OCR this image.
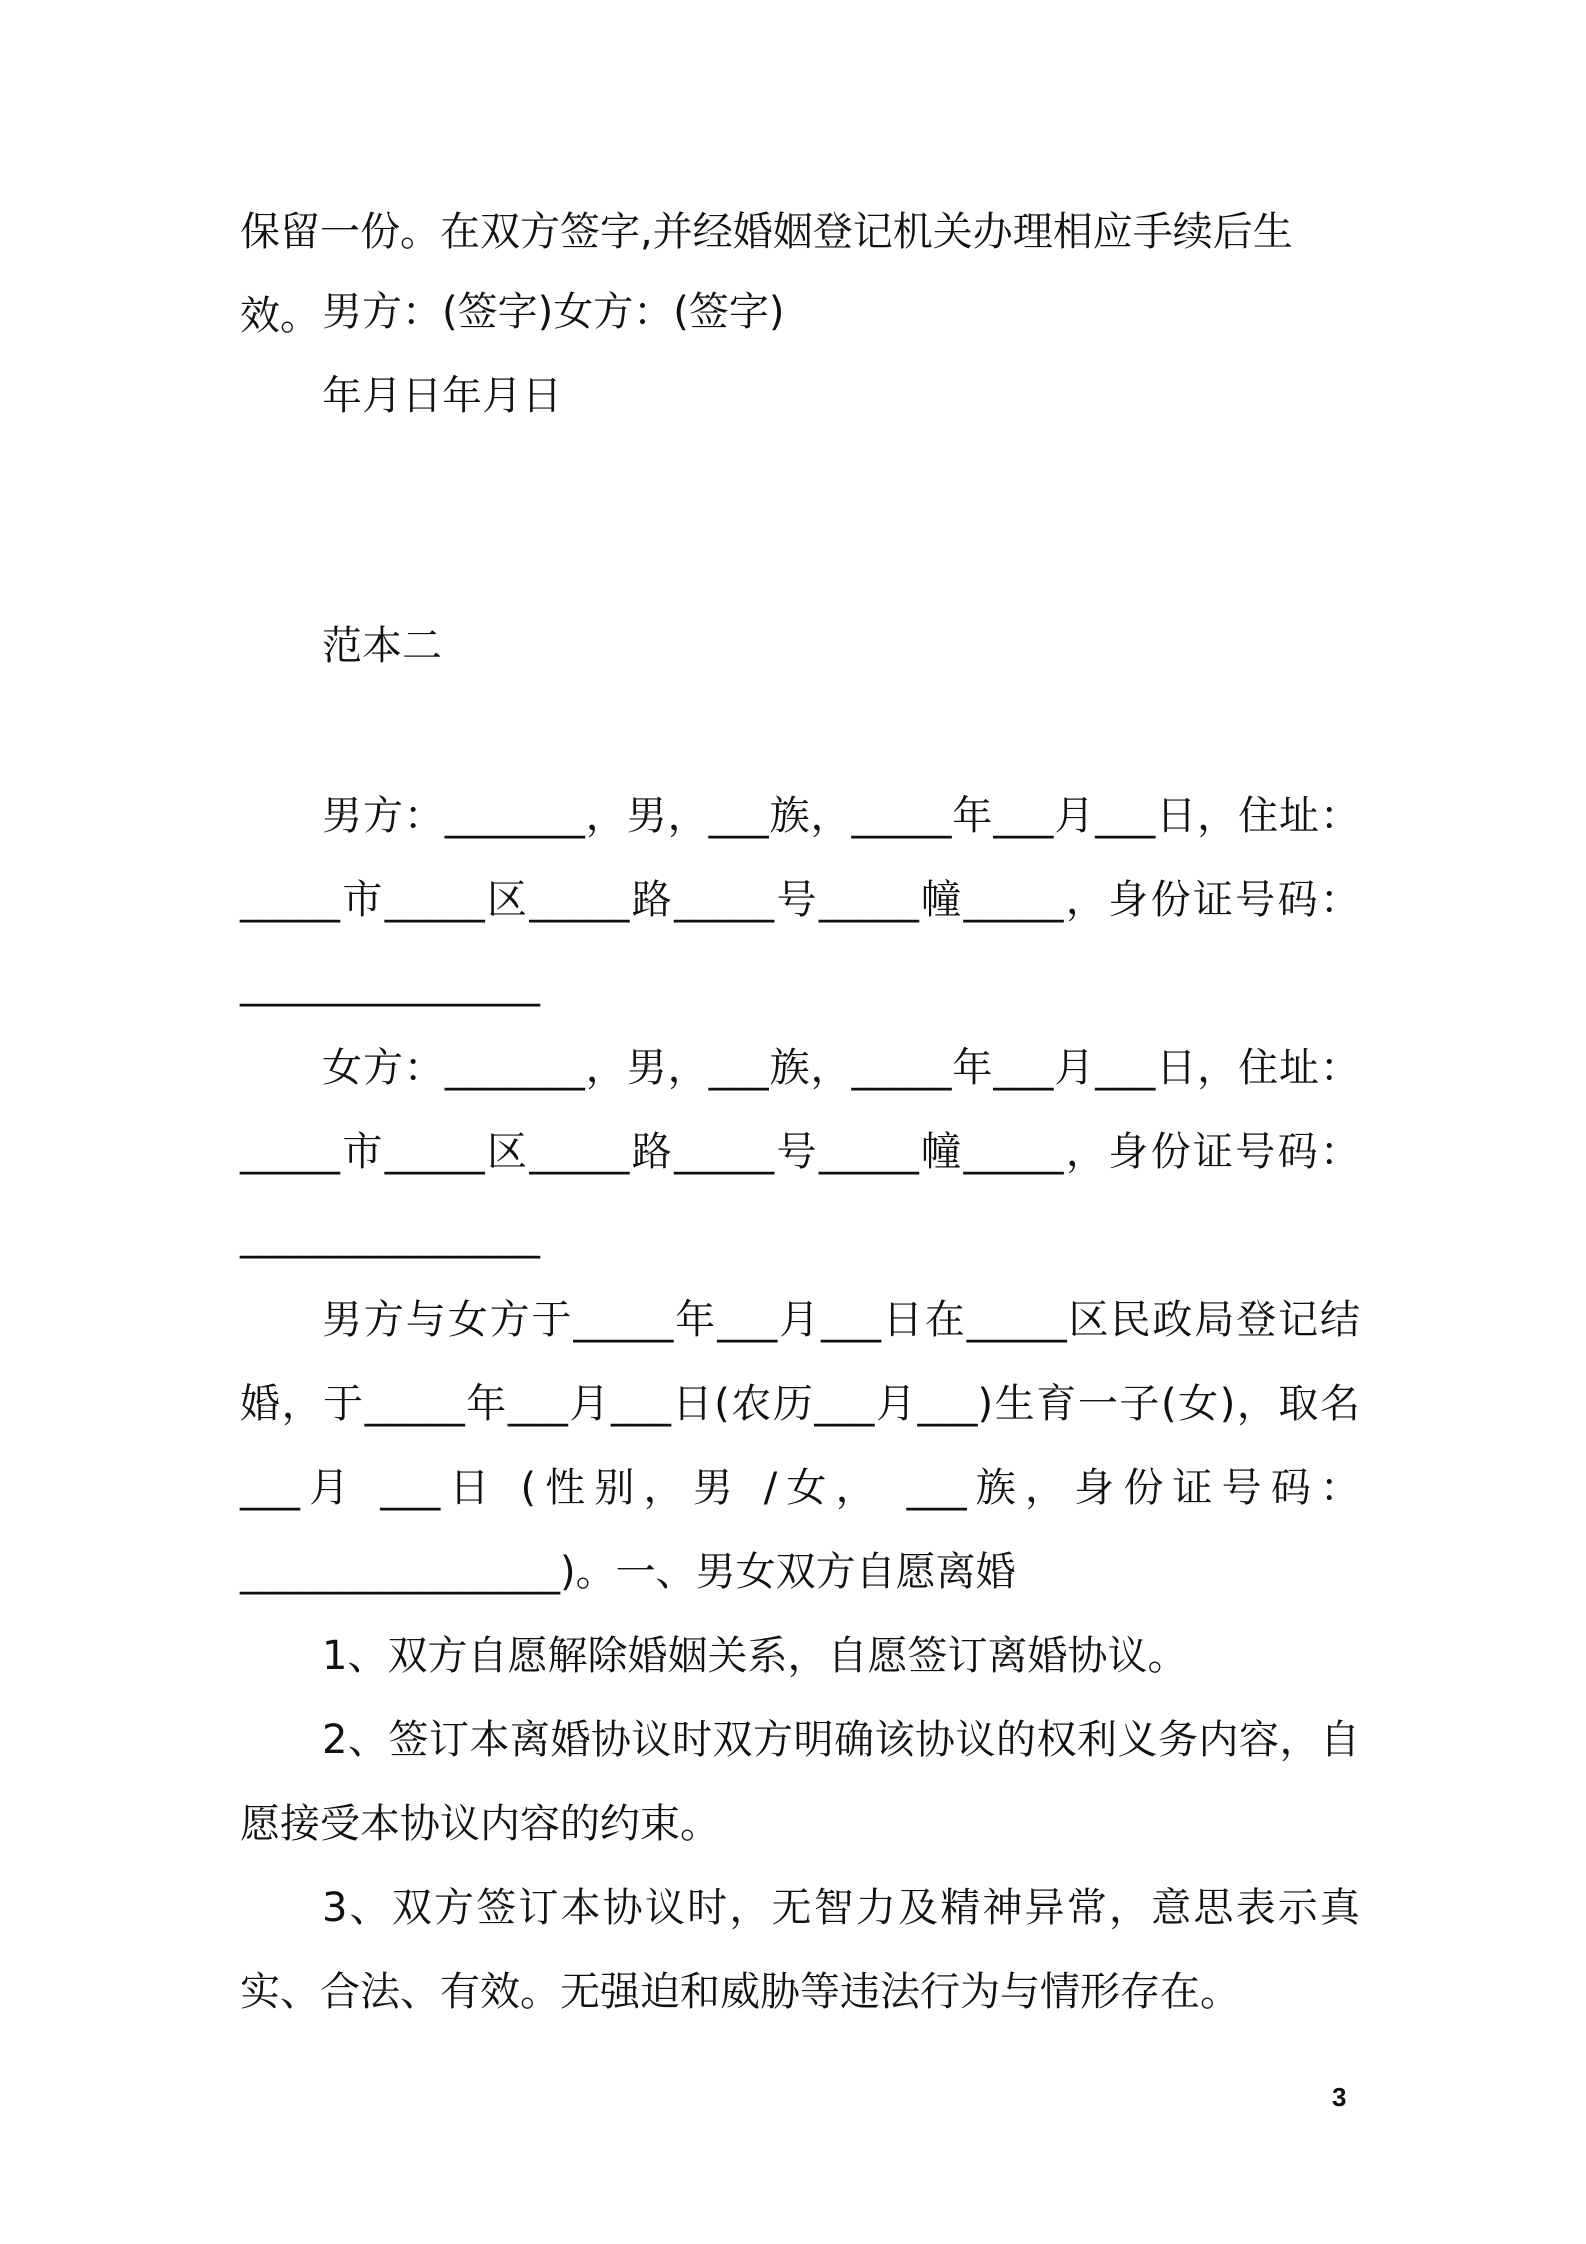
保留一份。在双方签字,并经婚姻登记机关办理相应手续后生效。 男方：(签字)女方：(签字)

年月日年月日

范本二

男方：_______，男，___族，_____年___月___日，住址：_____市_____区_____路_____号_____幢_____，身份证号码：_______________

女方：_______，男，___族，_____年___月___日，住址：_____市_____区_____路_____号_____幢_____，身份证号码：_______________

男方与女方于_____年___月___日在_____区民政局登记结婚，于_____年___月___日(农历___月___)生育一子(女)，取名 ___月 ___日 (性别，男 /女， ___族，身份证号码：________________)。一、男女双方自愿离婚

1、双方自愿解除婚姻关系，自愿签订离婚协议。

2、签订本离婚协议时双方明确该协议的权利义务内容，自愿接受本协议内容的约束。

3、双方签订本协议时，无智力及精神异常，意思表示真实、合法、有效。无强迫和威胁等违法行为与情形存在。

3
